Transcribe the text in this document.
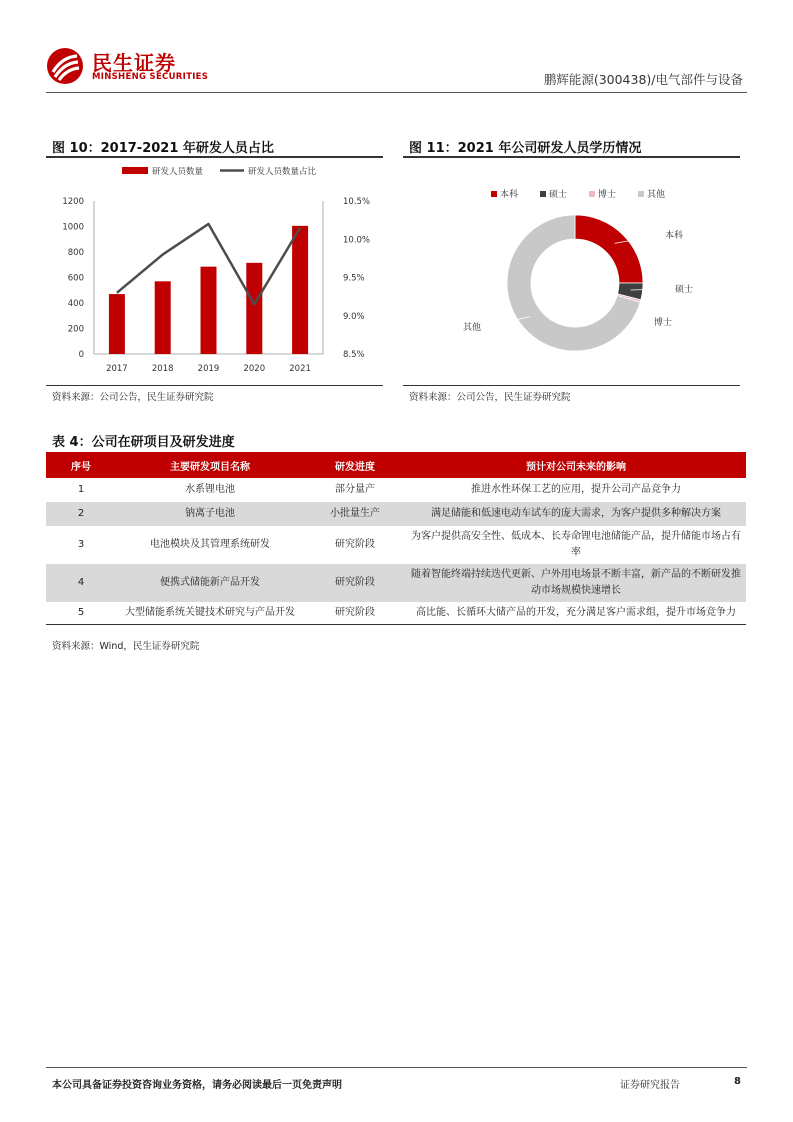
民生证券
MINSHENG SECURITIES	鹏辉能源(300438)/电气部件与设备
图 10：2017-2021 年研发人员占比
研发人员数量	研发人员数量占比
0
200
400
600
800
1000
1200
8.5%
9.0%
9.5%
10.0%
10.5%
2017	2018	2019	2020	2021
资料来源：公司公告，民生证券研究院
图 11：2021 年公司研发人员学历情况
本科	硕士	博士	其他
本科
硕士
博士
其他
资料来源：公司公告，民生证券研究院
表 4：公司在研项目及研发进度
序号	主要研发项目名称	研发进度	预计对公司未来的影响
1	水系锂电池	部分量产	推进水性环保工艺的应用，提升公司产品竞争力
2	钠离子电池	小批量生产	满足储能和低速电动车试车的庞大需求，为客户提供多种解决方案
3	电池模块及其管理系统研发	研究阶段	为客户提供高安全性、低成本、长寿命锂电池储能产品，提升储能市场占有率
4	便携式储能新产品开发	研究阶段	随着智能终端持续迭代更新、户外用电场景不断丰富，新产品的不断研发推动市场规模快速增长
5	大型储能系统关键技术研究与产品开发	研究阶段	高比能、长循环大储产品的开发，充分满足客户需求组，提升市场竞争力
资料来源：Wind，民生证券研究院
本公司具备证券投资咨询业务资格，请务必阅读最后一页免责声明	证券研究报告	8
